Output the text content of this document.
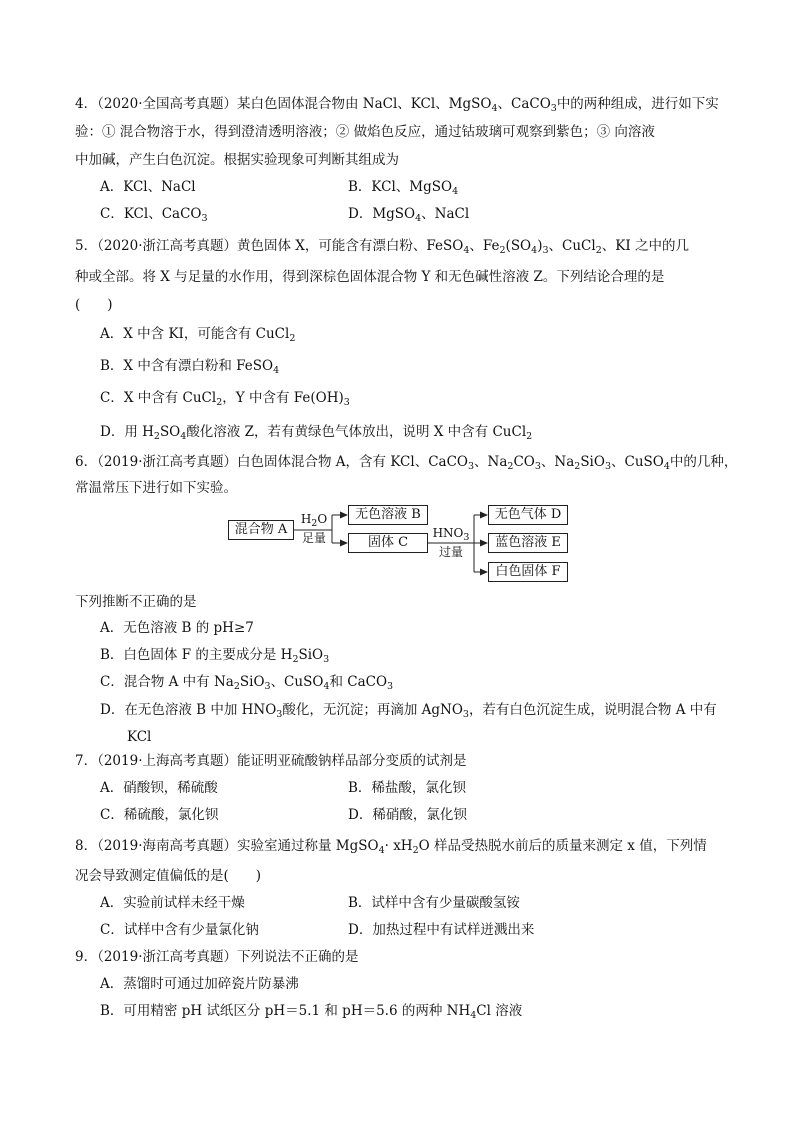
4．（2020·全国高考真题）某白色固体混合物由 NaCl、KCl、MgSO$_4$、CaCO$_3$中的两种组成，进行如下实
验：① 混合物溶于水，得到澄清透明溶液；② 做焰色反应，通过钴玻璃可观察到紫色；③ 向溶液
中加碱，产生白色沉淀。根据实验现象可判断其组成为
A．KCl、NaCl	B．KCl、MgSO$_4$
C．KCl、CaCO$_3$	D．MgSO$_4$、NaCl
5．（2020·浙江高考真题）黄色固体 X，可能含有漂白粉、FeSO$_4$、$Fe_2(SO_4)_3$、CuCl$_2$、KI 之中的几
种或全部。将 X 与足量的水作用，得到深棕色固体混合物 Y 和无色碱性溶液 Z。下列结论合理的是
(　　)
A．X 中含 KI，可能含有 CuCl$_2$
B．X 中含有漂白粉和 FeSO$_4$
C．X 中含有 CuCl$_2$，Y 中含有 $Fe(OH)_3$
D．用 $H_2SO_4$酸化溶液 Z，若有黄绿色气体放出，说明 X 中含有 CuCl$_2$
6．（2019·浙江高考真题）白色固体混合物 A，含有 KCl、CaCO$_3$、$Na_2CO_3$、$Na_2SiO_3$、CuSO$_4$中的几种，
常温常压下进行如下实验。
混合物 A
$H_2O$
足量
无色溶液 B
固体 C
$HNO_3$
过量
无色气体 D
蓝色溶液 E
白色固体 F
下列推断不正确的是
A．无色溶液 B 的 pH≥7
B．白色固体 F 的主要成分是 $H_2SiO_3$
C．混合物 A 中有 $Na_2SiO_3$、CuSO$_4$和 CaCO$_3$
D．在无色溶液 B 中加 $HNO_3$酸化，无沉淀；再滴加 AgNO$_3$，若有白色沉淀生成，说明混合物 A 中有
KCl
7．（2019·上海高考真题）能证明亚硫酸钠样品部分变质的试剂是
A．硝酸钡，稀硫酸	B．稀盐酸，氯化钡
C．稀硫酸，氯化钡	D．稀硝酸，氯化钡
8．（2019·海南高考真题）实验室通过称量 MgSO$_4$· $xH_2O$ 样品受热脱水前后的质量来测定 x 值，下列情
况会导致测定值偏低的是(　　)
A．实验前试样未经干燥	B．试样中含有少量碳酸氢铵
C．试样中含有少量氯化钠	D．加热过程中有试样迸溅出来
9．（2019·浙江高考真题）下列说法不正确的是
A．蒸馏时可通过加碎瓷片防暴沸
B．可用精密 pH 试纸区分 pH＝5.1 和 pH＝5.6 的两种 $NH_4Cl$ 溶液
